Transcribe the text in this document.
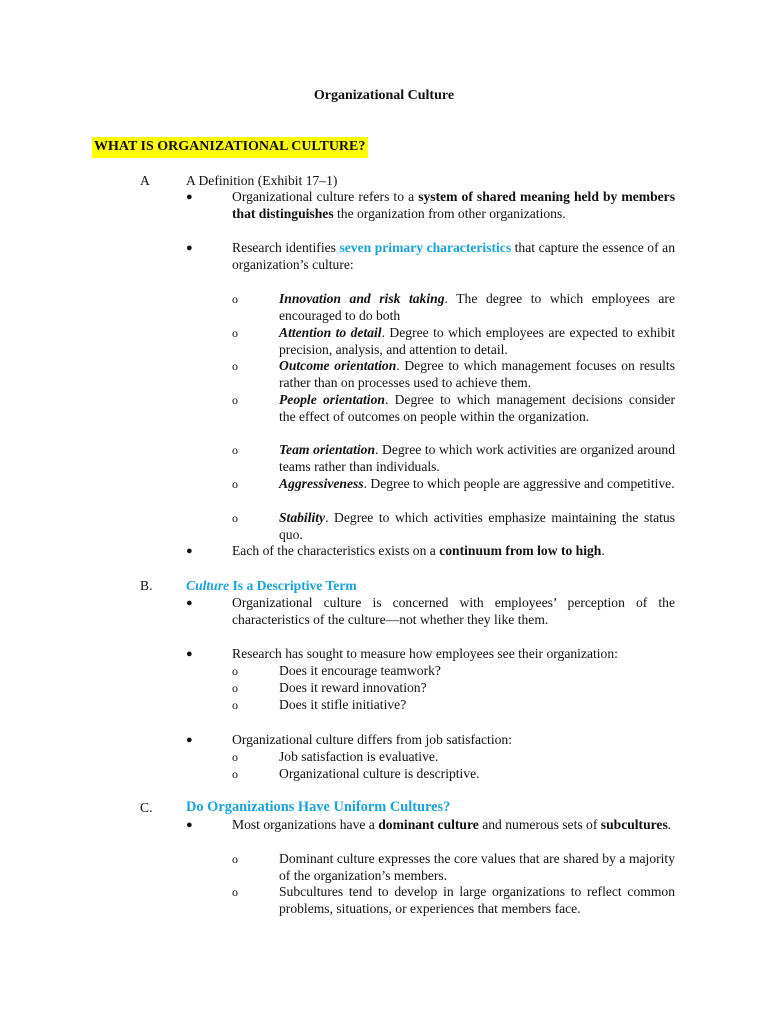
Organizational Culture
WHAT IS ORGANIZATIONAL CULTURE?
A	A Definition (Exhibit 17–1)
●	Organizational culture refers to a system of shared meaning held by members that distinguishes the organization from other organizations.
●	Research identifies seven primary characteristics that capture the essence of an organization’s culture:
o	Innovation and risk taking. The degree to which employees are encouraged to do both
o	Attention to detail. Degree to which employees are expected to exhibit precision, analysis, and attention to detail.
o	Outcome orientation. Degree to which management focuses on results rather than on processes used to achieve them.
o	People orientation. Degree to which management decisions consider the effect of outcomes on people within the organization.
o	Team orientation. Degree to which work activities are organized around teams rather than individuals.
o	Aggressiveness. Degree to which people are aggressive and competitive.
o	Stability. Degree to which activities emphasize maintaining the status quo.
●	Each of the characteristics exists on a continuum from low to high.
B. Culture Is a Descriptive Term
●	Organizational culture is concerned with employees’ perception of the characteristics of the culture—not whether they like them.
●	Research has sought to measure how employees see their organization:
o	Does it encourage teamwork?
o	Does it reward innovation?
o	Does it stifle initiative?
●	Organizational culture differs from job satisfaction:
o	Job satisfaction is evaluative.
o	Organizational culture is descriptive.
C. Do Organizations Have Uniform Cultures?
●	Most organizations have a dominant culture and numerous sets of subcultures.
o	Dominant culture expresses the core values that are shared by a majority of the organization’s members.
o	Subcultures tend to develop in large organizations to reflect common problems, situations, or experiences that members face.
